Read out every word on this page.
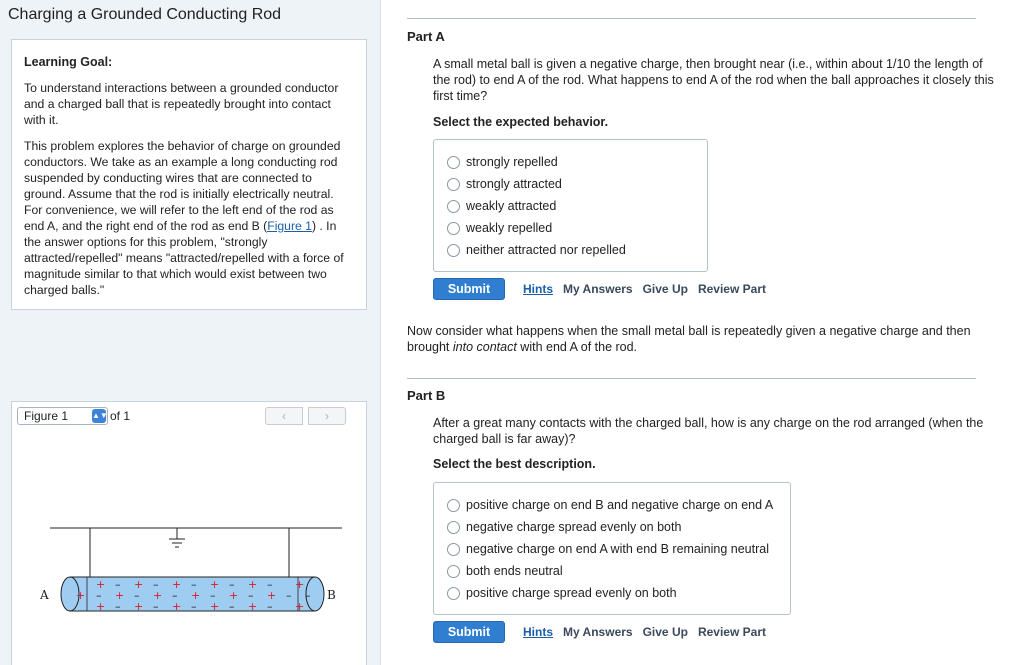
Charging a Grounded Conducting Rod
Learning Goal:

To understand interactions between a grounded conductor and a charged ball that is repeatedly brought into contact with it.

This problem explores the behavior of charge on grounded conductors. We take as an example a long conducting rod suspended by conducting wires that are connected to ground. Assume that the rod is initially electrically neutral. For convenience, we will refer to the left end of the rod as end A, and the right end of the rod as end B (Figure 1) . In the answer options for this problem, "strongly attracted/repelled" means "attracted/repelled with a force of magnitude similar to that which would exist between two charged balls."

Figure 1	▲▼ of 1	‹	›
+ – + – + – + – + – +
+ – + – + – + – + – + – –
+ – + – + – + – + – +
A	B
Part A
A small metal ball is given a negative charge, then brought near (i.e., within about 1/10 the length of the rod) to end A of the rod. What happens to end A of the rod when the ball approaches it closely this first time?
Select the expected behavior.
strongly repelled
strongly attracted
weakly attracted
weakly repelled
neither attracted nor repelled
Submit	Hints My Answers Give Up Review Part
Now consider what happens when the small metal ball is repeatedly given a negative charge and then brought into contact with end A of the rod.
Part B
After a great many contacts with the charged ball, how is any charge on the rod arranged (when the charged ball is far away)?
Select the best description.
positive charge on end B and negative charge on end A
negative charge spread evenly on both
negative charge on end A with end B remaining neutral
both ends neutral
positive charge spread evenly on both
Submit	Hints My Answers Give Up Review Part
